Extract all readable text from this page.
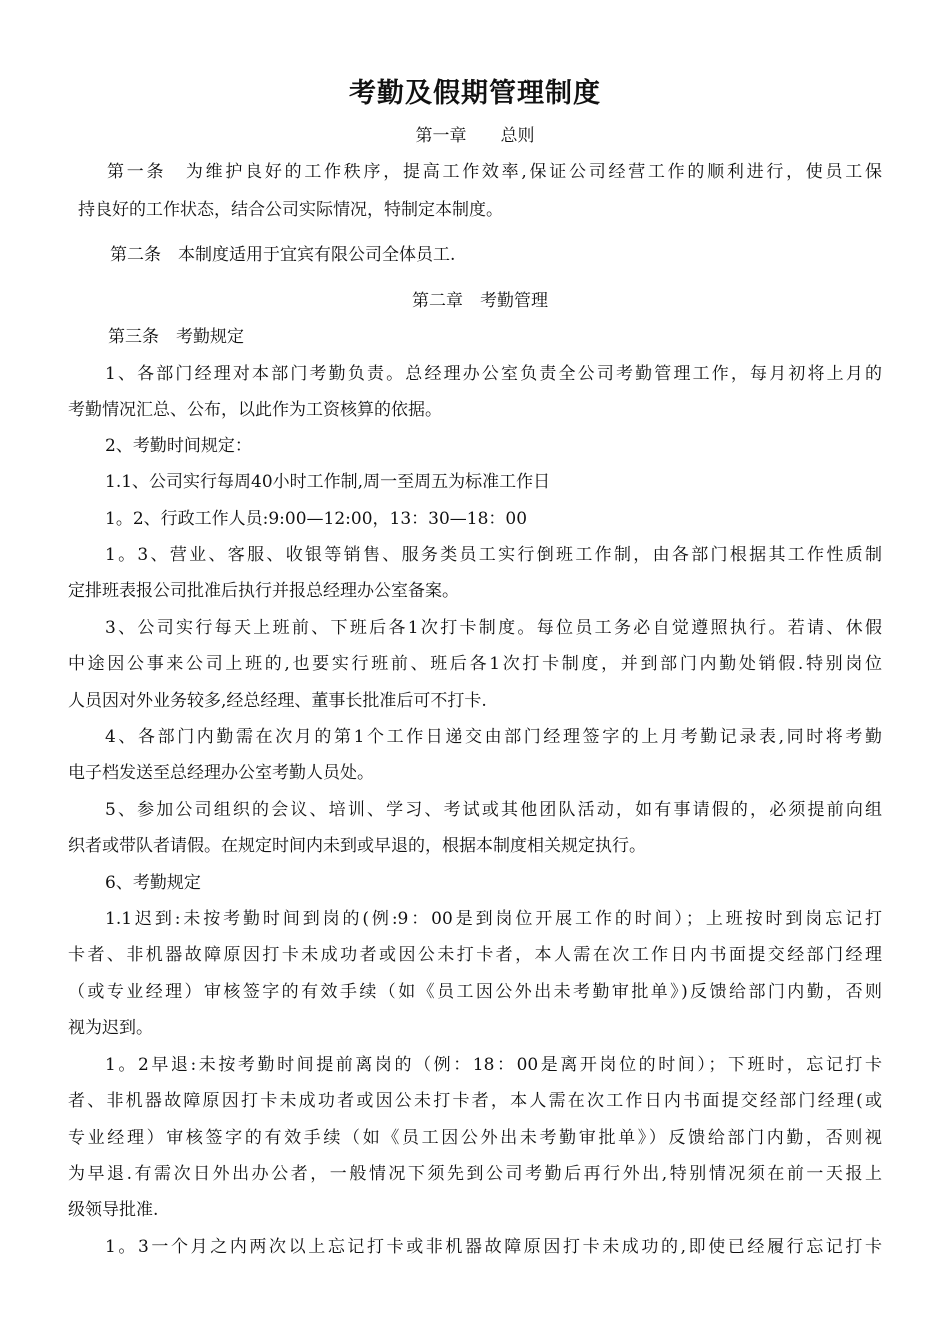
考勤及假期管理制度

第一章　　总则

第一条　为维护良好的工作秩序，提高工作效率,保证公司经营工作的顺利进行，使员工保

持良好的工作状态，结合公司实际情况，特制定本制度。

第二条　本制度适用于宜宾有限公司全体员工.

第二章　考勤管理

第三条　考勤规定

1、各部门经理对本部门考勤负责。总经理办公室负责全公司考勤管理工作，每月初将上月的

考勤情况汇总、公布，以此作为工资核算的依据。

2、考勤时间规定：

1.1、公司实行每周40小时工作制,周一至周五为标准工作日

1。2、行政工作人员:9:00—12:00，13：30—18：00

1。3、营业、客服、收银等销售、服务类员工实行倒班工作制，由各部门根据其工作性质制

定排班表报公司批准后执行并报总经理办公室备案。

3、公司实行每天上班前、下班后各1次打卡制度。每位员工务必自觉遵照执行。若请、休假

中途因公事来公司上班的,也要实行班前、班后各1次打卡制度，并到部门内勤处销假.特别岗位

人员因对外业务较多,经总经理、董事长批准后可不打卡.

4、各部门内勤需在次月的第1个工作日递交由部门经理签字的上月考勤记录表,同时将考勤

电子档发送至总经理办公室考勤人员处。

5、参加公司组织的会议、培训、学习、考试或其他团队活动，如有事请假的，必须提前向组

织者或带队者请假。在规定时间内未到或早退的，根据本制度相关规定执行。

6、考勤规定

1.1迟到:未按考勤时间到岗的(例:9：00是到岗位开展工作的时间）；上班按时到岗忘记打

卡者、非机器故障原因打卡未成功者或因公未打卡者，本人需在次工作日内书面提交经部门经理

（或专业经理）审核签字的有效手续（如《员工因公外出未考勤审批单》)反馈给部门内勤，否则

视为迟到。

1。2早退:未按考勤时间提前离岗的（例：18：00是离开岗位的时间）；下班时，忘记打卡

者、非机器故障原因打卡未成功者或因公未打卡者，本人需在次工作日内书面提交经部门经理(或

专业经理）审核签字的有效手续（如《员工因公外出未考勤审批单》）反馈给部门内勤，否则视

为早退.有需次日外出办公者，一般情况下须先到公司考勤后再行外出,特别情况须在前一天报上

级领导批准.

1。3一个月之内两次以上忘记打卡或非机器故障原因打卡未成功的,即使已经履行忘记打卡
